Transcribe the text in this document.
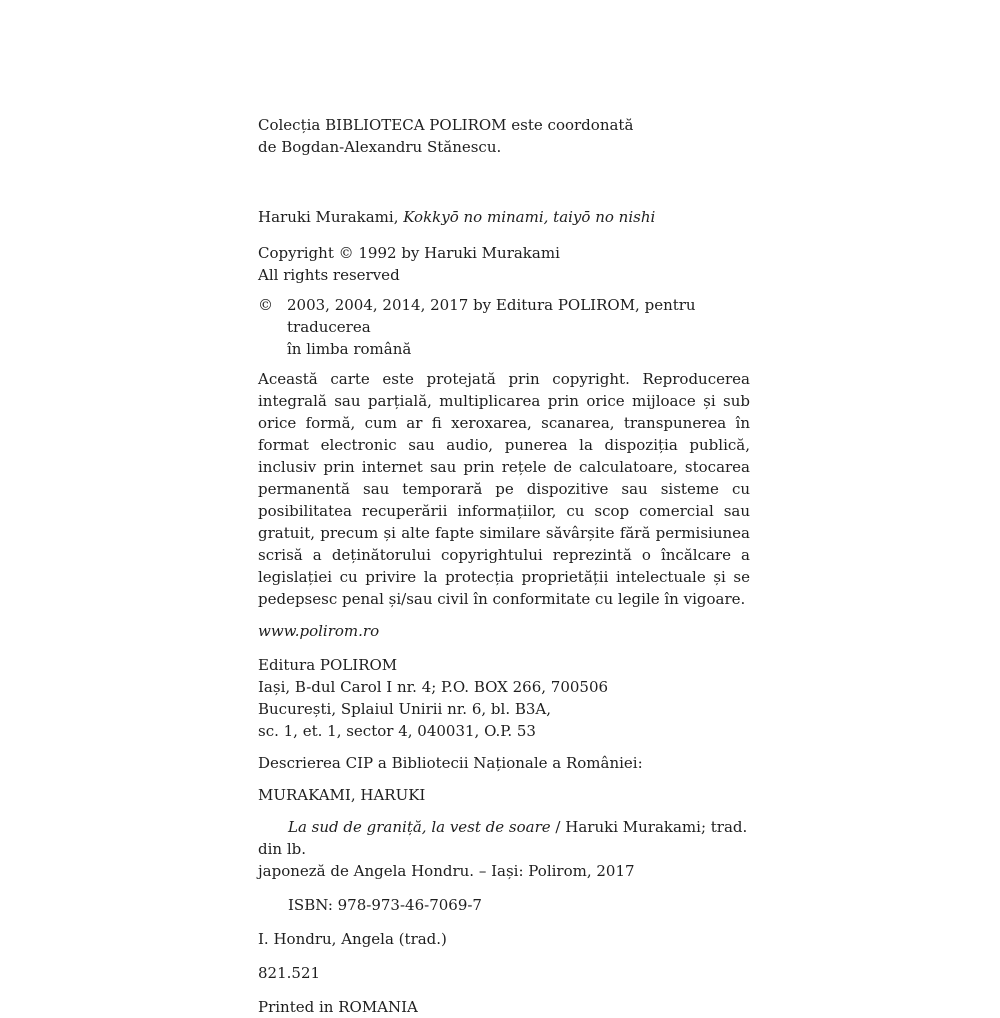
Colecția BIBLIOTECA POLIROM este coordonată
de Bogdan-Alexandru Stănescu.

Haruki Murakami, Kokkyō no minami, taiyō no nishi

Copyright © 1992 by Haruki Murakami
All rights reserved

© 2003, 2004, 2014, 2017 by Editura POLIROM, pentru traducerea
în limba română

Această carte este protejată prin copyright. Reproducerea integrală sau parțială, multiplicarea prin orice mijloace și sub orice formă, cum ar fi xeroxarea, scanarea, transpunerea în format electronic sau audio, punerea la dispoziția publică, inclusiv prin internet sau prin rețele de calculatoare, stocarea permanentă sau temporară pe dispozitive sau sisteme cu posibilitatea recuperării informațiilor, cu scop comercial sau gratuit, precum și alte fapte similare săvârșite fără permisiunea scrisă a deținătorului copyrightului reprezintă o încălcare a legislației cu privire la protecția proprietății intelectuale și se pedepsesc penal și/sau civil în conformitate cu legile în vigoare.

www.polirom.ro

Editura POLIROM
Iași, B-dul Carol I nr. 4; P.O. BOX 266, 700506
București, Splaiul Unirii nr. 6, bl. B3A,
sc. 1, et. 1, sector 4, 040031, O.P. 53

Descrierea CIP a Bibliotecii Naționale a României:

MURAKAMI, HARUKI

La sud de graniță, la vest de soare / Haruki Murakami; trad. din lb.
japoneză de Angela Hondru. – Iași: Polirom, 2017

ISBN: 978-973-46-7069-7

I. Hondru, Angela (trad.)

821.521

Printed in ROMANIA
